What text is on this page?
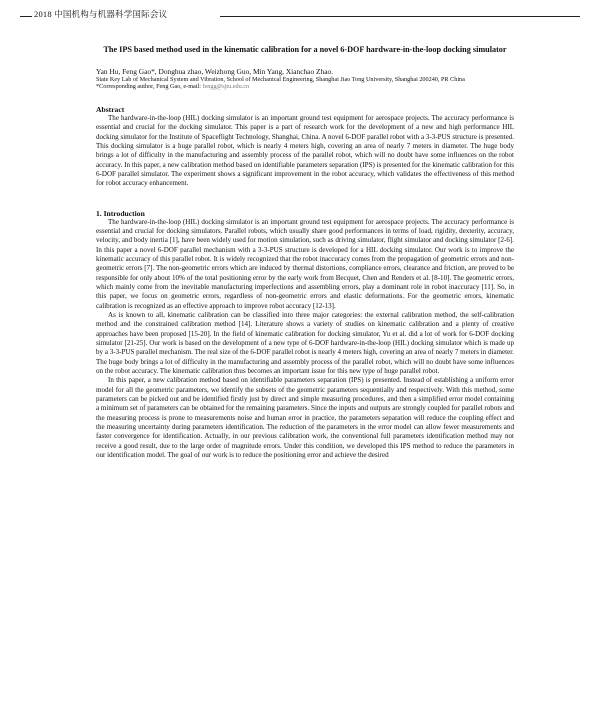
2018 中国机构与机器科学国际会议

The IPS based method used in the kinematic calibration for a novel 6-DOF hardware-in-the-loop docking simulator

Yan Hu, Feng Gao*, Donghua zhao, Weizhong Guo, Min Yang, Xianchao Zhao.

State Key Lab of Mechanical System and Vibration, School of Mechanical Engineering, Shanghai Jiao Tong University, Shanghai 200240, PR China

*Corresponding author, Feng Gao, e-mail: fengg@sjtu.edu.cn

Abstract

The hardware-in-the-loop (HIL) docking simulator is an important ground test equipment for aerospace projects. The accuracy performance is essential and crucial for the docking simulator. This paper is a part of research work for the development of a new and high performance HIL docking simulator for the Institute of Spaceflight Technology, Shanghai, China. A novel 6-DOF parallel robot with a 3-3-PUS structure is presented. This docking simulator is a huge parallel robot, which is nearly 4 meters high, covering an area of nearly 7 meters in diameter. The huge body brings a lot of difficulty in the manufacturing and assembly process of the parallel robot, which will no doubt have some influences on the robot accuracy. In this paper, a new calibration method based on identifiable parameters separation (IPS) is presented for the kinematic calibration for this 6-DOF parallel simulator. The experiment shows a significant improvement in the robot accuracy, which validates the effectiveness of this method for robot accuracy enhancement.

1. Introduction

The hardware-in-the-loop (HIL) docking simulator is an important ground test equipment for aerospace projects. The accuracy performance is essential and crucial for docking simulators. Parallel robots, which usually share good performances in terms of load, rigidity, dexterity, accuracy, velocity, and body inertia [1], have been widely used for motion simulation, such as driving simulator, flight simulator and docking simulator [2-6]. In this paper a novel 6-DOF parallel mechanism with a 3-3-PUS structure is developed for a HIL docking simulator. Our work is to improve the kinematic accuracy of this parallel robot. It is widely recognized that the robot inaccuracy comes from the propagation of geometric errors and non-geometric errors [7]. The non-geometric errors which are induced by thermal distortions, compliance errors, clearance and friction, are proved to be responsible for only about 10% of the total positioning error by the early work from Becquet, Chen and Renders et al. [8-10]. The geometric errors, which mainly come from the inevitable manufacturing imperfections and assembling errors, play a dominant role in robot inaccuracy [11]. So, in this paper, we focus on geometric errors, regardless of non-geometric errors and elastic deformations. For the geometric errors, kinematic calibration is recognized as an effective approach to improve robot accuracy [12-13].

As is known to all, kinematic calibration can be classified into three major categories: the external calibration method, the self-calibration method and the constrained calibration method [14]. Literature shows a variety of studies on kinematic calibration and a plenty of creative approaches have been proposed [15-20]. In the field of kinematic calibration for docking simulator, Yu et al. did a lot of work for 6-DOF docking simulator [21-25]. Our work is based on the development of a new type of 6-DOF hardware-in-the-loop (HIL) docking simulator which is made up by a 3-3-PUS parallel mechanism. The real size of the 6-DOF parallel robot is nearly 4 meters high, covering an area of nearly 7 meters in diameter. The huge body brings a lot of difficulty in the manufacturing and assembly process of the parallel robot, which will no doubt have some influences on the robot accuracy. The kinematic calibration thus becomes an important issue for this new type of huge parallel robot.

In this paper, a new calibration method based on identifiable parameters separation (IPS) is presented. Instead of establishing a uniform error model for all the geometric parameters, we identify the subsets of the geometric parameters sequentially and respectively. With this method, some parameters can be picked out and be identified firstly just by direct and simple measuring procedures, and then a simplified error model containing a minimum set of parameters can be obtained for the remaining parameters. Since the inputs and outputs are strongly coupled for parallel robots and the measuring process is prone to measurements noise and human error in practice, the parameters separation will reduce the coupling effect and the measuring uncertainty during parameters identification. The reduction of the parameters in the error model can allow fewer measurements and faster convergence for identification. Actually, in our previous calibration work, the conventional full parameters identification method may not receive a good result, due to the large order of magnitude errors. Under this condition, we developed this IPS method to reduce the parameters in our identification model. The goal of our work is to reduce the positioning error and achieve the desired
